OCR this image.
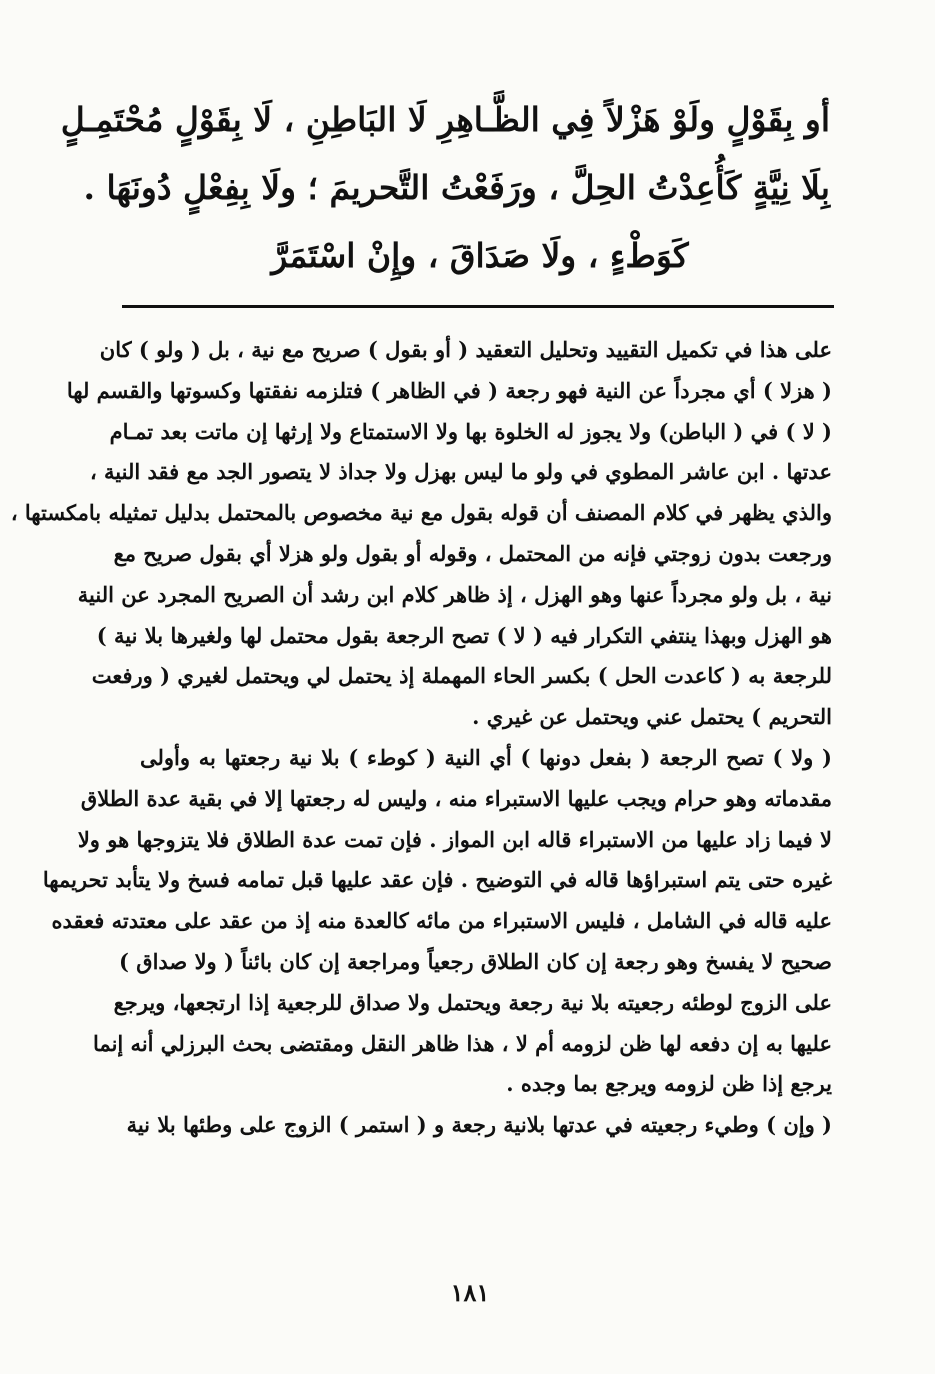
أو بِقَوْلٍ ولَوْ هَزْلاً فِي الظَّـاهِرِ لَا البَاطِنِ ، لَا بِقَوْلٍ مُحْتَمِـلٍ
بِلَا نِيَّةٍ كَأُعِدْتُ الحِلَّ ، ورَفَعْتُ التَّحريمَ ؛ ولَا بِفِعْلٍ دُونَهَا .
كَوَطْءٍ ، ولَا صَدَاقَ ، وإِنْ اسْتَمَرَّ
على هذا في تكميل التقييد وتحليل التعقيد ( أو بقول ) صريح مع نية ، بل ( ولو ) كان
( هزلا ) أي مجرداً عن النية فهو رجعة ( في الظاهر ) فتلزمه نفقتها وكسوتها والقسم لها
( لا ) في ( الباطن) ولا يجوز له الخلوة بها ولا الاستمتاع ولا إرثها إن ماتت بعد تمـام
عدتها . ابن عاشر المطوي في ولو ما ليس بهزل ولا جداذ لا يتصور الجد مع فقد النية ،
والذي يظهر في كلام المصنف أن قوله بقول مع نية مخصوص بالمحتمل بدليل تمثيله بامكستها ،
ورجعت بدون زوجتي فإنه من المحتمل ، وقوله أو بقول ولو هزلا أي بقول صريح مع
نية ، بل ولو مجرداً عنها وهو الهزل ، إذ ظاهر كلام ابن رشد أن الصريح المجرد عن النية
هو الهزل وبهذا ينتفي التكرار فيه ( لا ) تصح الرجعة بقول محتمل لها ولغيرها بلا نية )
للرجعة به ( كاعدت الحل ) بكسر الحاء المهملة إذ يحتمل لي ويحتمل لغيري ( ورفعت
التحريم ) يحتمل عني ويحتمل عن غيري .
( ولا ) تصح الرجعة ( بفعل دونها ) أي النية ( كوطء ) بلا نية رجعتها به وأولى
مقدماته وهو حرام ويجب عليها الاستبراء منه ، وليس له رجعتها إلا في بقية عدة الطلاق
لا فيما زاد عليها من الاستبراء قاله ابن المواز . فإن تمت عدة الطلاق فلا يتزوجها هو ولا
غيره حتى يتم استبراؤها قاله في التوضيح . فإن عقد عليها قبل تمامه فسخ ولا يتأبد تحريمها
عليه قاله في الشامل ، فليس الاستبراء من مائه كالعدة منه إذ من عقد على معتدته فعقده
صحيح لا يفسخ وهو رجعة إن كان الطلاق رجعياً ومراجعة إن كان بائناً ( ولا صداق )
على الزوج لوطئه رجعيته بلا نية رجعة ويحتمل ولا صداق للرجعية إذا ارتجعها، ويرجع
عليها به إن دفعه لها ظن لزومه أم لا ، هذا ظاهر النقل ومقتضى بحث البرزلي أنه إنما
يرجع إذا ظن لزومه ويرجع بما وجده .
( وإن ) وطيء رجعيته في عدتها بلانية رجعة و ( استمر ) الزوج على وطئها بلا نية
١٨١
